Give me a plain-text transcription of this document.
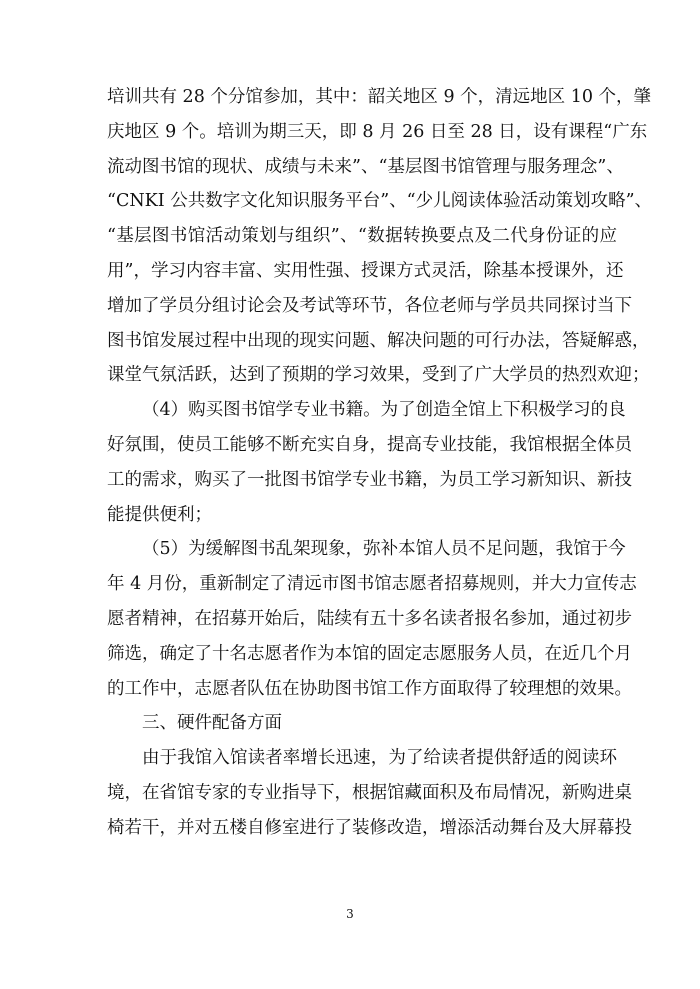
培训共有 28 个分馆参加，其中：韶关地区 9 个，清远地区 10 个，肇
庆地区 9 个。培训为期三天，即 8 月 26 日至 28 日，设有课程“广东
流动图书馆的现状、成绩与未来”、“基层图书馆管理与服务理念”、
“CNKI 公共数字文化知识服务平台”、“少儿阅读体验活动策划攻略”、
“基层图书馆活动策划与组织”、“数据转换要点及二代身份证的应
用”，学习内容丰富、实用性强、授课方式灵活，除基本授课外，还
增加了学员分组讨论会及考试等环节，各位老师与学员共同探讨当下
图书馆发展过程中出现的现实问题、解决问题的可行办法，答疑解惑，
课堂气氛活跃，达到了预期的学习效果，受到了广大学员的热烈欢迎；
（4）购买图书馆学专业书籍。为了创造全馆上下积极学习的良
好氛围，使员工能够不断充实自身，提高专业技能，我馆根据全体员
工的需求，购买了一批图书馆学专业书籍，为员工学习新知识、新技
能提供便利；
（5）为缓解图书乱架现象，弥补本馆人员不足问题，我馆于今
年 4 月份，重新制定了清远市图书馆志愿者招募规则，并大力宣传志
愿者精神，在招募开始后，陆续有五十多名读者报名参加，通过初步
筛选，确定了十名志愿者作为本馆的固定志愿服务人员，在近几个月
的工作中，志愿者队伍在协助图书馆工作方面取得了较理想的效果。
三、硬件配备方面
由于我馆入馆读者率增长迅速，为了给读者提供舒适的阅读环
境，在省馆专家的专业指导下，根据馆藏面积及布局情况，新购进桌
椅若干，并对五楼自修室进行了装修改造，增添活动舞台及大屏幕投
3
